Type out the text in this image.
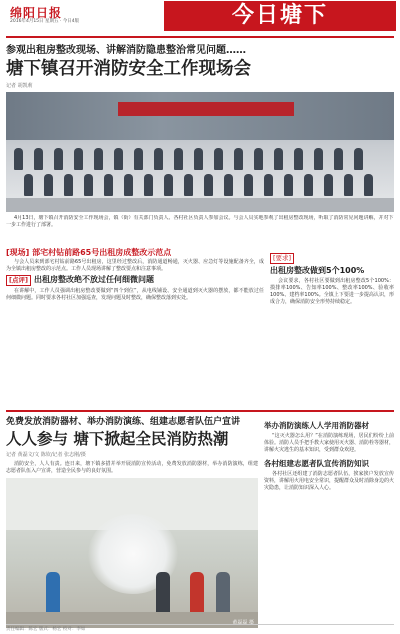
绵阳日报
2016年4月15日 星期五 · 今日4版	今日塘下
参观出租房整改现场、讲解消防隐患整治常见问题……
塘下镇召开消防安全工作现场会
记者 胡凯莉

4月13日，塘下镇召开消防安全工作现场会，镇（街）有关部门负责人、各村社区负责人参加会议。与会人员实地参观了出租房整改现场，听取了消防常见问题讲解，并对下一步工作进行了部署。

[现场] 部宅村钻前路65号出租房成整改示范点

与会人员来到部宅村钻前路65号出租房，这里经过整改后，消防通道畅通，灭火器、应急灯等设施配备齐全，成为全镇出租房整改的示范点。工作人员现场讲解了整改要点和注意事项。

[点评] 出租房整改绝不放过任何细微问题

在讲解中，工作人员强调出租房整改要做到“四个到位”，从电线铺设、安全通道到灭火器的摆放，都不能放过任何细微问题。同时要求各村社区加强巡查，发现问题及时整改，确保整改落到实处。

[要求]
出租房整改做到5个100%

会议要求，各村社区要做到出租房整改5个100%：摸排率100%、告知率100%、整改率100%、验收率100%、建档率100%。全镇上下要进一步提高认识，形成合力，确保消防安全形势持续稳定。

免费发放消防器材、举办消防演练、组建志愿者队伍户宣讲
人人参与 塘下掀起全民消防热潮
记者 黄磊文/文 陈钦/记者 张志刚/摄

消防安全，人人有责。连日来，塘下镇多措并举开展消防宣传活动，免费发放消防器材，举办消防演练，组建志愿者队伍入户宣讲，营造全民参与的良好氛围。

黄磊磊 摄
举办消防演练人人学用消防器材

“这灭火器怎么用？”在消防演练现场，居民们纷纷上前体验。消防人员手把手教大家使用灭火器、消防栓等器材，讲解火灾逃生的基本知识，受到群众欢迎。

各村组建志愿者队宣传消防知识

各村社区还组建了消防志愿者队伍，挨家挨户发放宣传资料，讲解用火用电安全常识，提醒群众及时消除身边的火灾隐患，让消防知识深入人心。

责任编辑：陈宏 版式：杨宏 校对：李如
